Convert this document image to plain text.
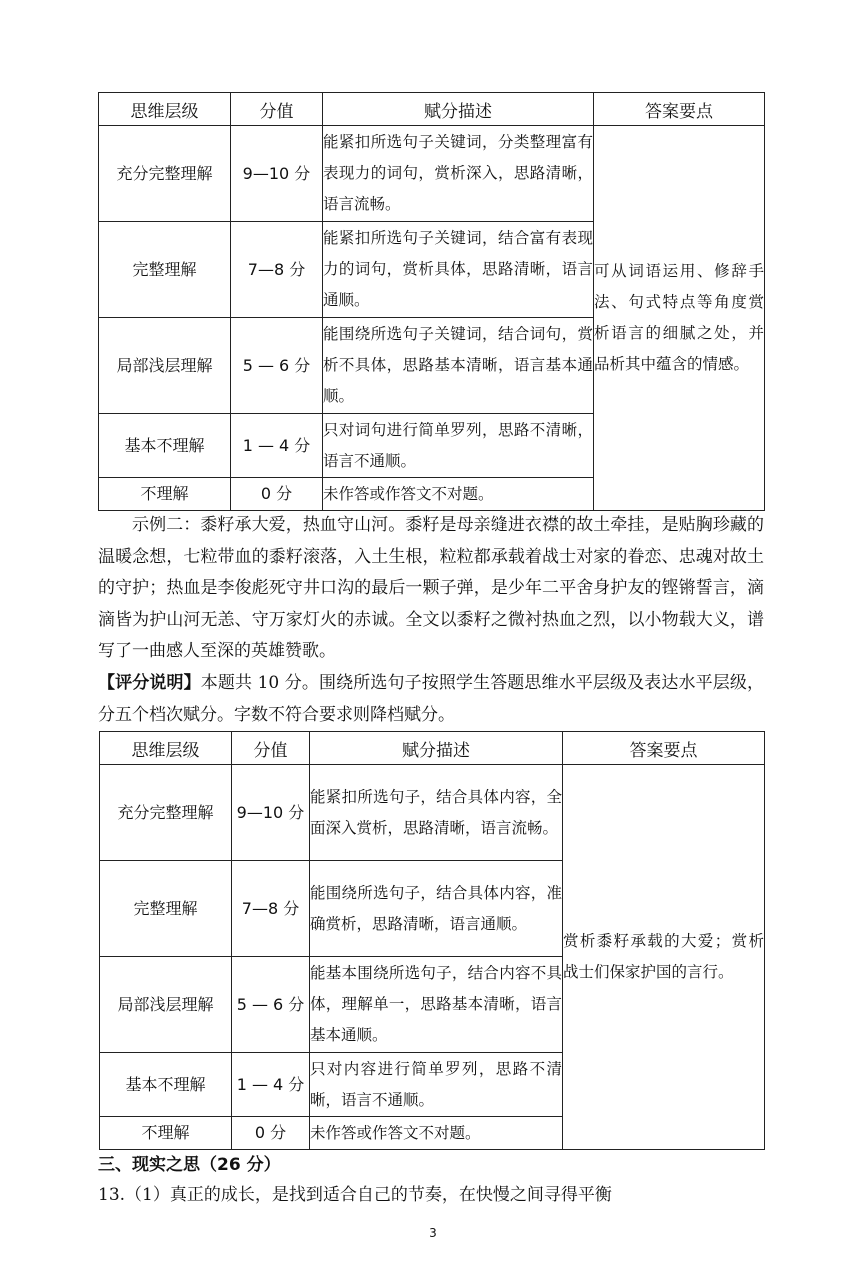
思维层级	分值	赋分描述	答案要点
充分完整理解	9—10 分	能紧扣所选句子关键词，分类整理富有表现力的词句，赏析深入，思路清晰，语言流畅。	可从词语运用、修辞手法、句式特点等角度赏析语言的细腻之处，并品析其中蕴含的情感。
完整理解	7—8 分	能紧扣所选句子关键词，结合富有表现力的词句，赏析具体，思路清晰，语言通顺。	
局部浅层理解	5 — 6 分	能围绕所选句子关键词，结合词句，赏析不具体，思路基本清晰，语言基本通顺。	
基本不理解	1 — 4 分	只对词句进行简单罗列，思路不清晰，语言不通顺。	
不理解	0 分	未作答或作答文不对题。	

示例二：黍籽承大爱，热血守山河。黍籽是母亲缝进衣襟的故土牵挂，是贴胸珍藏的温暖念想，七粒带血的黍籽滚落，入土生根，粒粒都承载着战士对家的眷恋、忠魂对故土的守护；热血是李俊彪死守井口沟的最后一颗子弹，是少年二平舍身护友的铿锵誓言，滴滴皆为护山河无恙、守万家灯火的赤诚。全文以黍籽之微衬热血之烈，以小物载大义，谱写了一曲感人至深的英雄赞歌。

【评分说明】本题共 10 分。围绕所选句子按照学生答题思维水平层级及表达水平层级，分五个档次赋分。字数不符合要求则降档赋分。

思维层级	分值	赋分描述	答案要点
充分完整理解	9—10 分	能紧扣所选句子，结合具体内容，全面深入赏析，思路清晰，语言流畅。	赏析黍籽承载的大爱；赏析战士们保家护国的言行。
完整理解	7—8 分	能围绕所选句子，结合具体内容，准确赏析，思路清晰，语言通顺。	
局部浅层理解	5 — 6 分	能基本围绕所选句子，结合内容不具体，理解单一，思路基本清晰，语言基本通顺。	
基本不理解	1 — 4 分	只对内容进行简单罗列，思路不清晰，语言不通顺。	
不理解	0 分	未作答或作答文不对题。	

三、现实之思（26 分）

13.（1）真正的成长，是找到适合自己的节奏，在快慢之间寻得平衡

3
